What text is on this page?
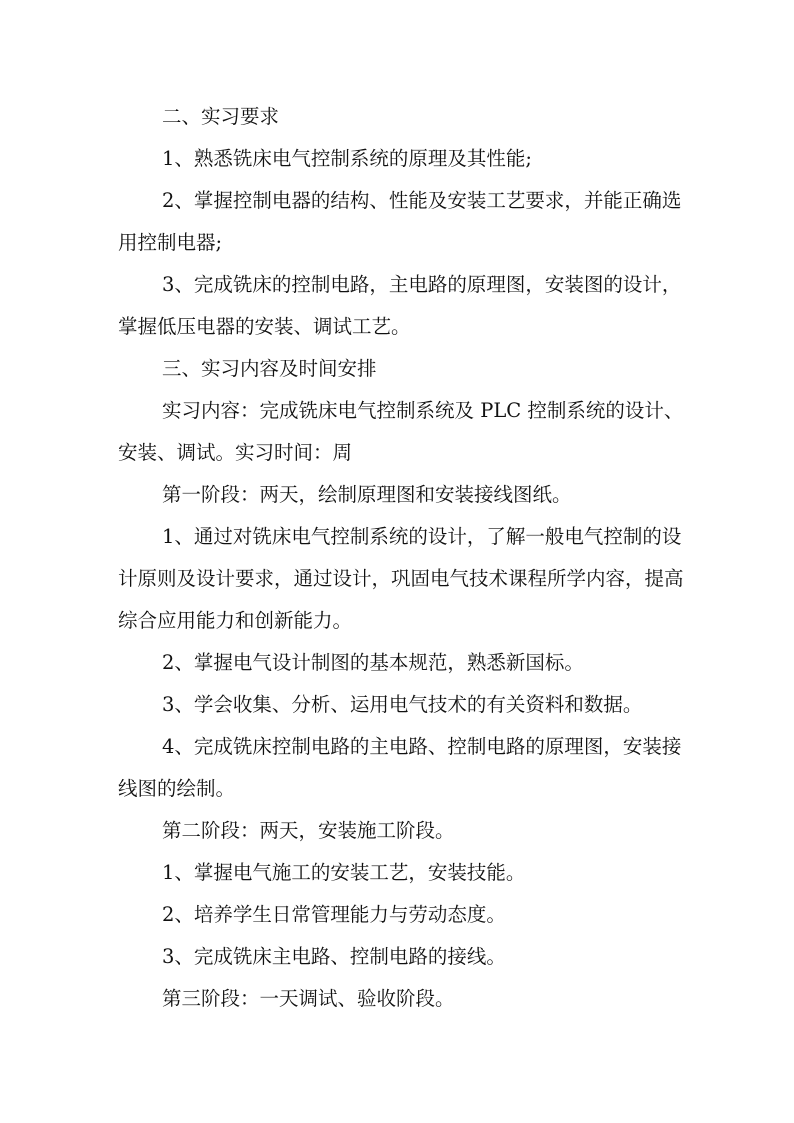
二、实习要求

1、熟悉铣床电气控制系统的原理及其性能;

2、掌握控制电器的结构、性能及安装工艺要求，并能正确选用控制电器;

3、完成铣床的控制电路，主电路的原理图，安装图的设计，掌握低压电器的安装、调试工艺。

三、实习内容及时间安排

实习内容：完成铣床电气控制系统及 PLC 控制系统的设计、安装、调试。实习时间：周

第一阶段：两天，绘制原理图和安装接线图纸。

1、通过对铣床电气控制系统的设计，了解一般电气控制的设计原则及设计要求，通过设计，巩固电气技术课程所学内容，提高综合应用能力和创新能力。

2、掌握电气设计制图的基本规范，熟悉新国标。

3、学会收集、分析、运用电气技术的有关资料和数据。

4、完成铣床控制电路的主电路、控制电路的原理图，安装接线图的绘制。

第二阶段：两天，安装施工阶段。

1、掌握电气施工的安装工艺，安装技能。

2、培养学生日常管理能力与劳动态度。

3、完成铣床主电路、控制电路的接线。

第三阶段：一天调试、验收阶段。
